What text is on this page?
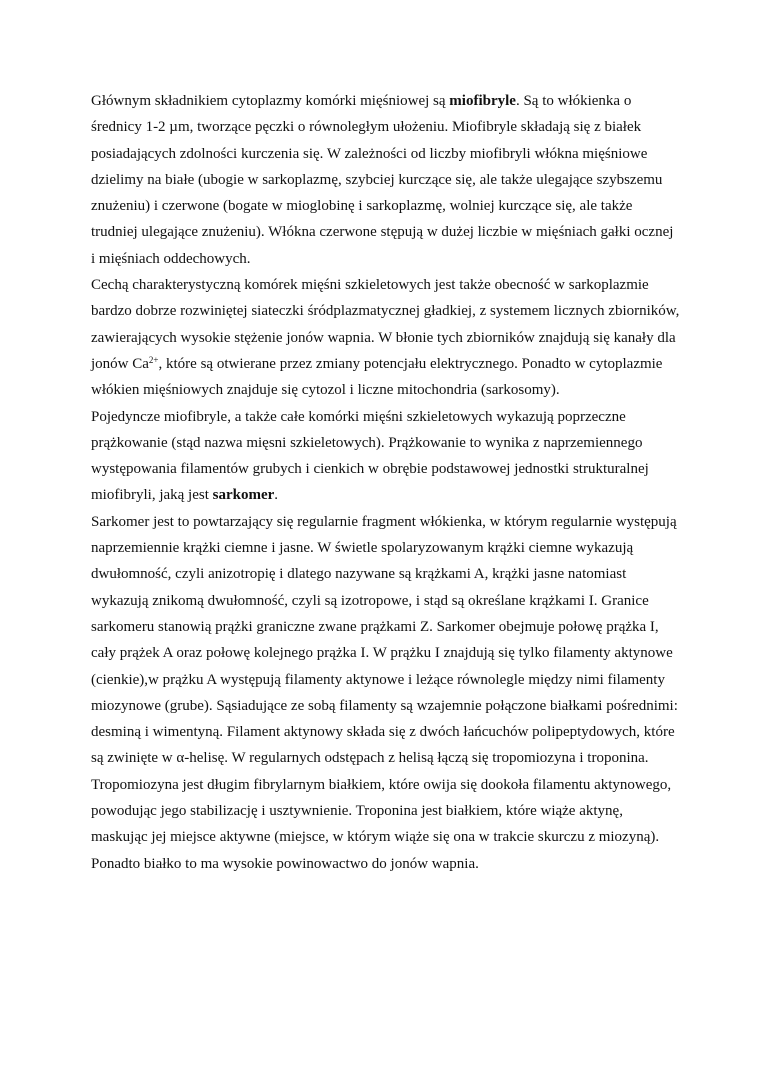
Głównym składnikiem cytoplazmy komórki mięśniowej są miofibryle. Są to włókienka o średnicy 1-2 µm, tworzące pęczki o równoległym ułożeniu. Miofibryle składają się z białek posiadających zdolności kurczenia się. W zależności od liczby miofibryli włókna mięśniowe dzielimy na białe (ubogie w sarkoplazmę, szybciej kurczące się, ale także ulegające szybszemu znużeniu) i czerwone (bogate w mioglobinę i sarkoplazmę, wolniej kurczące się, ale także trudniej ulegające znużeniu). Włókna czerwone stępują w dużej liczbie w mięśniach gałki ocznej i mięśniach oddechowych.

Cechą charakterystyczną komórek mięśni szkieletowych jest także obecność w sarkoplazmie bardzo dobrze rozwiniętej siateczki śródplazmatycznej gładkiej, z systemem licznych zbiorników, zawierających wysokie stężenie jonów wapnia. W błonie tych zbiorników znajdują się kanały dla jonów $Ca^{2+}$, które są otwierane przez zmiany potencjału elektrycznego. Ponadto w cytoplazmie włókien mięśniowych znajduje się cytozol i liczne mitochondria (sarkosomy).

Pojedyncze miofibryle, a także całe komórki mięśni szkieletowych wykazują poprzeczne prążkowanie (stąd nazwa mięsni szkieletowych). Prążkowanie to wynika z naprzemiennego występowania filamentów grubych i cienkich w obrębie podstawowej jednostki strukturalnej miofibryli, jaką jest sarkomer.

Sarkomer jest to powtarzający się regularnie fragment włókienka, w którym regularnie występują naprzemiennie krążki ciemne i jasne. W świetle spolaryzowanym krążki ciemne wykazują dwułomność, czyli anizotropię i dlatego nazywane są krążkami A, krążki jasne natomiast wykazują znikomą dwułomność, czyli są izotropowe, i stąd są określane krążkami I. Granice sarkomeru stanowią prążki graniczne zwane prążkami Z. Sarkomer obejmuje połowę prążka I, cały prążek A oraz połowę kolejnego prążka I. W prążku I znajdują się tylko filamenty aktynowe (cienkie),w prążku A występują filamenty aktynowe i leżące równolegle między nimi filamenty miozynowe (grube). Sąsiadujące ze sobą filamenty są wzajemnie połączone białkami pośrednimi: desminą i wimentyną. Filament aktynowy składa się z dwóch łańcuchów polipeptydowych, które są zwinięte w α-helisę. W regularnych odstępach z helisą łączą się tropomiozyna i troponina. Tropomiozyna jest długim fibrylarnym białkiem, które owija się dookoła filamentu aktynowego, powodując jego stabilizację i usztywnienie. Troponina jest białkiem, które wiąże aktynę, maskując jej miejsce aktywne (miejsce, w którym wiąże się ona w trakcie skurczu z miozyną). Ponadto białko to ma wysokie powinowactwo do jonów wapnia.
